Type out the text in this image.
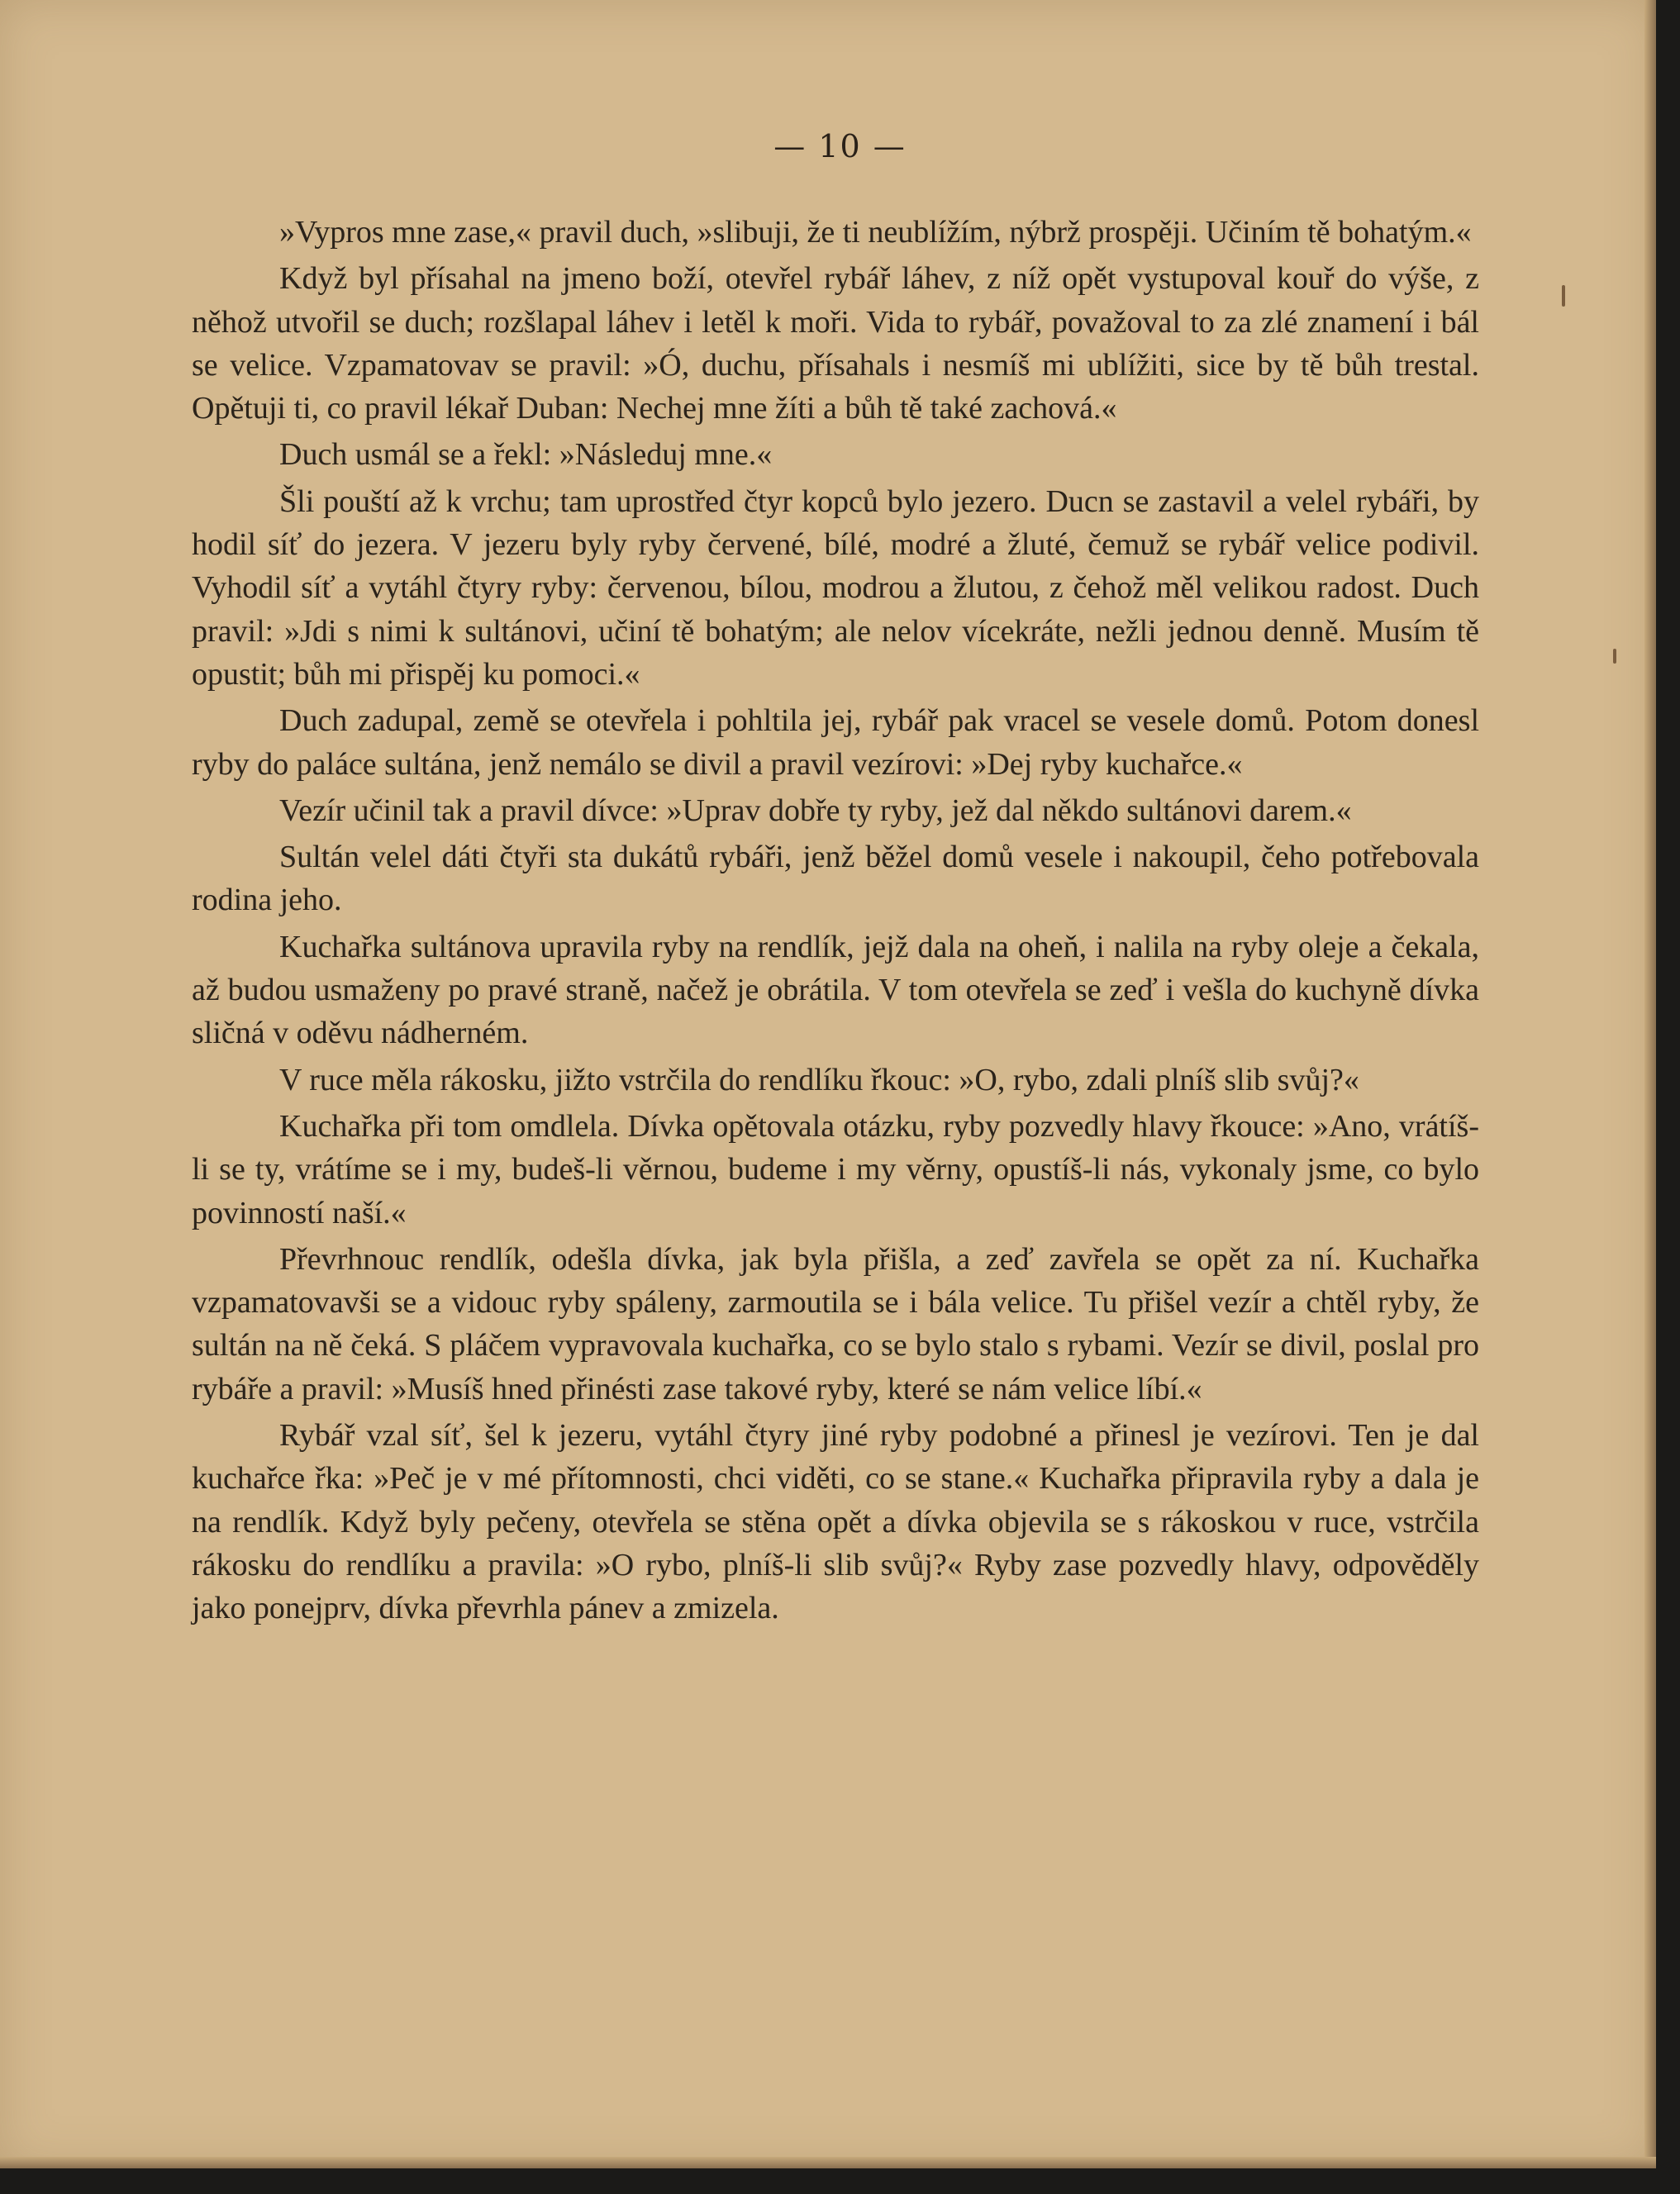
— 10 —

»Vypros mne zase,« pravil duch, »slibuji, že ti neublížím, nýbrž prospěji. Učiním tě bohatým.«

Když byl přísahal na jmeno boží, otevřel rybář láhev, z níž opět vystupoval kouř do výše, z něhož utvořil se duch; rozšlapal láhev i letěl k moři. Vida to rybář, považoval to za zlé znamení i bál se velice. Vzpamatovav se pravil: »Ó, duchu, přísahals i nesmíš mi ublížiti, sice by tě bůh trestal. Opětuji ti, co pravil lékař Duban: Nechej mne žíti a bůh tě také zachová.«

Duch usmál se a řekl: »Následuj mne.«

Šli pouští až k vrchu; tam uprostřed čtyr kopců bylo jezero. Ducn se zastavil a velel rybáři, by hodil síť do jezera. V jezeru byly ryby červené, bílé, modré a žluté, čemuž se rybář velice podivil. Vyhodil síť a vytáhl čtyry ryby: červenou, bílou, modrou a žlutou, z čehož měl velikou radost. Duch pravil: »Jdi s nimi k sultánovi, učiní tě bohatým; ale nelov vícekráte, nežli jednou denně. Musím tě opustit; bůh mi přispěj ku pomoci.«

Duch zadupal, země se otevřela i pohltila jej, rybář pak vracel se vesele domů. Potom donesl ryby do paláce sultána, jenž nemálo se divil a pravil vezírovi: »Dej ryby kuchařce.«

Vezír učinil tak a pravil dívce: »Uprav dobře ty ryby, jež dal někdo sultánovi darem.«

Sultán velel dáti čtyři sta dukátů rybáři, jenž běžel domů vesele i nakoupil, čeho potřebovala rodina jeho.

Kuchařka sultánova upravila ryby na rendlík, jejž dala na oheň, i nalila na ryby oleje a čekala, až budou usmaženy po pravé straně, načež je obrátila. V tom otevřela se zeď i vešla do kuchyně dívka sličná v oděvu nádherném.

V ruce měla rákosku, jižto vstrčila do rendlíku řkouc: »O, rybo, zdali plníš slib svůj?«

Kuchařka při tom omdlela. Dívka opětovala otázku, ryby pozvedly hlavy řkouce: »Ano, vrátíš-li se ty, vrátíme se i my, budeš-li věrnou, budeme i my věrny, opustíš-li nás, vykonaly jsme, co bylo povinností naší.«

Převrhnouc rendlík, odešla dívka, jak byla přišla, a zeď zavřela se opět za ní. Kuchařka vzpamatovavši se a vidouc ryby spáleny, zarmoutila se i bála velice. Tu přišel vezír a chtěl ryby, že sultán na ně čeká. S pláčem vypravovala kuchařka, co se bylo stalo s rybami. Vezír se divil, poslal pro rybáře a pravil: »Musíš hned přinésti zase takové ryby, které se nám velice líbí.«

Rybář vzal síť, šel k jezeru, vytáhl čtyry jiné ryby podobné a přinesl je vezírovi. Ten je dal kuchařce řka: »Peč je v mé přítomnosti, chci viděti, co se stane.« Kuchařka připravila ryby a dala je na rendlík. Když byly pečeny, otevřela se stěna opět a dívka objevila se s rákoskou v ruce, vstrčila rákosku do rendlíku a pravila: »O rybo, plníš-li slib svůj?« Ryby zase pozvedly hlavy, odpověděly jako ponejprv, dívka převrhla pánev a zmizela.
